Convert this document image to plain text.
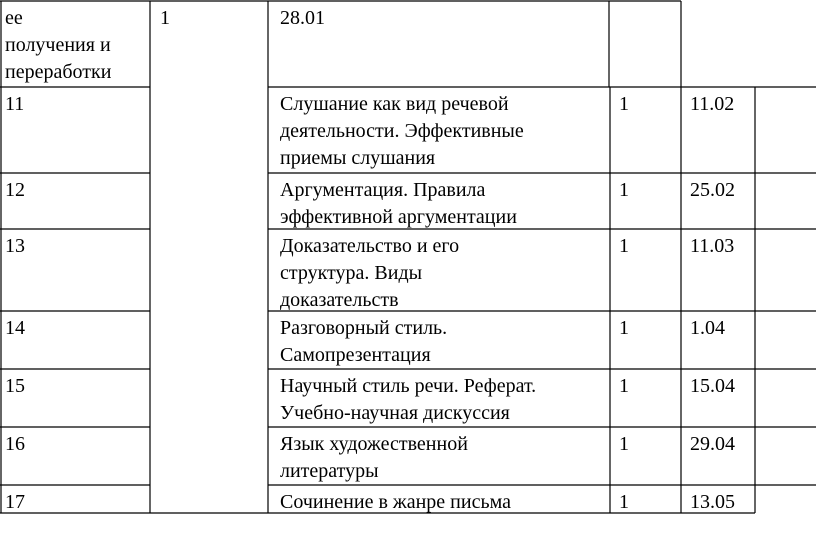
ее
получения и
переработки
1	28.01
11	Слушание как вид речевой
деятельности. Эффективные
приемы слушания
1	11.02
12	Аргументация. Правила
эффективной аргументации
1	25.02
13	Доказательство и его
структура. Виды
доказательств
1	11.03
14	Разговорный стиль.
Самопрезентация
1	1.04
15	Научный стиль речи. Реферат.
Учебно-научная дискуссия
1	15.04
16	Язык художественной
литературы
1	29.04
17	Сочинение в жанре письма	1	13.05
